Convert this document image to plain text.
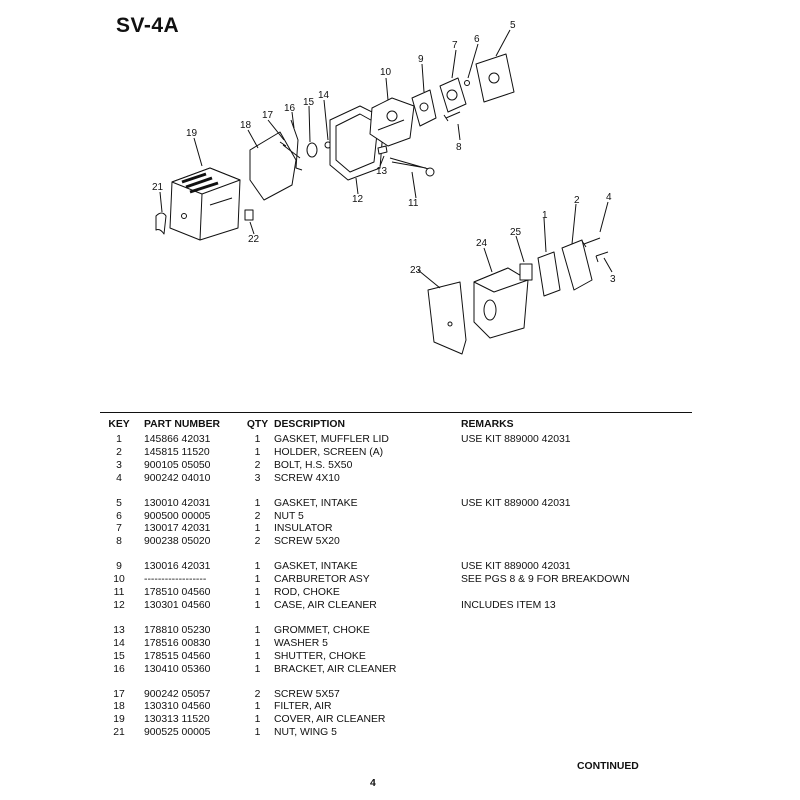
SV-4A
19
18
17
16
15
14
10
9
7
6
5
8
13
12	11
21
22
23
24
25
1
2	4
3
KEY	PART NUMBER	QTY	DESCRIPTION	REMARKS
1	145866 42031	1	GASKET, MUFFLER LID	USE KIT 889000 42031
2	145815 11520	1	HOLDER, SCREEN (A)	
3	900105 05050	2	BOLT, H.S. 5X50	
4	900242 04010	3	SCREW 4X10	

5	130010 42031	1	GASKET, INTAKE	USE KIT 889000 42031
6	900500 00005	2	NUT 5	
7	130017 42031	1	INSULATOR	
8	900238 05020	2	SCREW 5X20	

9	130016 42031	1	GASKET, INTAKE	USE KIT 889000 42031
10	------------------	1	CARBURETOR ASY	SEE PGS 8 & 9 FOR BREAKDOWN
11	178510 04560	1	ROD, CHOKE	
12	130301 04560	1	CASE, AIR CLEANER	INCLUDES ITEM 13

13	178810 05230	1	GROMMET, CHOKE	
14	178516 00830	1	WASHER 5	
15	178515 04560	1	SHUTTER, CHOKE	
16	130410 05360	1	BRACKET, AIR CLEANER	

17	900242 05057	2	SCREW 5X57	
18	130310 04560	1	FILTER, AIR	
19	130313 11520	1	COVER, AIR CLEANER	
21	900525 00005	1	NUT, WING 5	
CONTINUED
4
